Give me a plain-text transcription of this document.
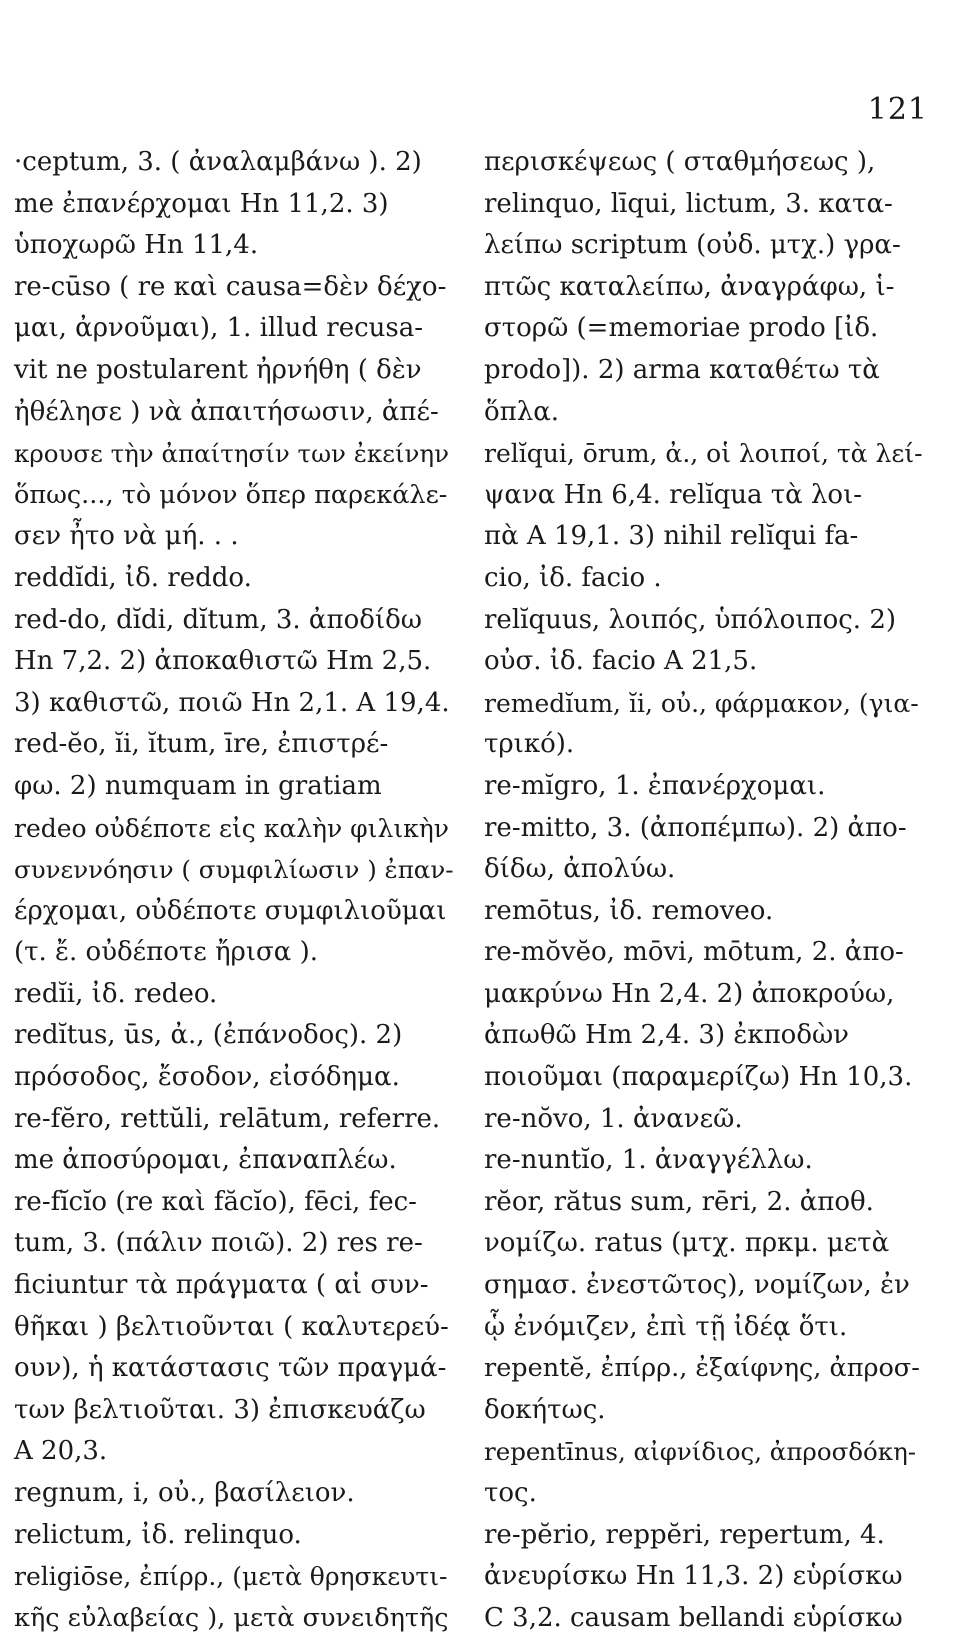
121
·ceptum, 3. ( ἀναλαμβάνω ). 2)
me ἐπανέρχομαι Hn 11,2. 3)
ὑποχωρῶ Hn 11,4.
re-cūso ( re καὶ causa=δὲν δέχο-
μαι, ἀρνοῦμαι), 1. illud recusa-
vit ne postularent ἠρνήθη ( δὲν
ἠθέλησε ) νὰ ἀπαιτήσωσιν, ἀπέ-
κρουσε τὴν ἀπαίτησίν των ἐκείνην
ὅπως..., τὸ μόνον ὅπερ παρεκάλε-
σεν ἦτο νὰ μή. . .
reddĭdi, ἰδ. reddo.
red-do, dĭdi, dĭtum, 3. ἀποδίδω
Hn 7,2. 2) ἀποκαθιστῶ Hm 2,5.
3) καθιστῶ, ποιῶ Hn 2,1. A 19,4.
red-ĕo, ĭi, ĭtum, īre, ἐπιστρέ-
φω. 2) numquam in gratiam
redeo οὐδέποτε εἰς καλὴν φιλικὴν
συνεννόησιν ( συμφιλίωσιν ) ἐπαν-
έρχομαι, οὐδέποτε συμφιλιοῦμαι
(τ. ἔ. οὐδέποτε ἤρισα ).
redĭi, ἰδ. redeo.
redĭtus, ūs, ἀ., (ἐπάνοδος). 2)
πρόσοδος, ἔσοδον, εἰσόδημα.
re-fĕro, rettŭli, relātum, referre.
me ἀποσύρομαι, ἐπαναπλέω.
re-fĭcĭo (re καὶ făcĭo), fēci, fec-
tum, 3. (πάλιν ποιῶ). 2) res re-
ficiuntur τὰ πράγματα ( αἱ συν-
θῆκαι ) βελτιοῦνται ( καλυτερεύ-
ουν), ἡ κατάστασις τῶν πραγμά-
των βελτιοῦται. 3) ἐπισκευάζω
A 20,3.
regnum, i, οὐ., βασίλειον.
relictum, ἰδ. relinquo.
religiōse, ἐπίρρ., (μετὰ θρησκευτι-
κῆς εὐλαβείας ), μετὰ συνειδητῆς
περισκέψεως ( σταθμήσεως ),
relinquo, līqui, lictum, 3. κατα-
λείπω scriptum (οὐδ. μτχ.) γρα-
πτῶς καταλείπω, ἀναγράφω, ἱ-
στορῶ (=memoriae prodo [ἰδ.
prodo]). 2) arma καταθέτω τὰ
ὅπλα.
relĭqui, ōrum, ἀ., οἱ λοιποί, τὰ λεί-
ψανα Hn 6,4. relĭqua τὰ λοι-
πὰ A 19,1. 3) nihil relĭqui fa-
cio, ἰδ. facio .
relĭquus, λοιπός, ὑπόλοιπος. 2)
οὐσ. ἰδ. facio A 21,5.
remedĭum, ĭi, οὐ., φάρμακον, (για-
τρικό).
re-mĭgro, 1. ἐπανέρχομαι.
re-mitto, 3. (ἀποπέμπω). 2) ἀπο-
δίδω, ἀπολύω.
remōtus, ἰδ. removeo.
re-mŏvĕo, mōvi, mōtum, 2. ἀπο-
μακρύνω Hn 2,4. 2) ἀποκρούω,
ἀπωθῶ Hm 2,4. 3) ἐκποδὼν
ποιοῦμαι (παραμερίζω) Hn 10,3.
re-nŏvo, 1. ἀνανεῶ.
re-nuntĭo, 1. ἀναγγέλλω.
rĕor, rătus sum, rēri, 2. ἀποθ.
νομίζω. ratus (μτχ. πρκμ. μετὰ
σημασ. ἐνεστῶτος), νομίζων, ἐν
ᾧ ἐνόμιζεν, ἐπὶ τῇ ἰδέᾳ ὅτι.
repentĕ, ἐπίρρ., ἐξαίφνης, ἀπροσ-
δοκήτως.
repentīnus, αἰφνίδιος, ἀπροσδόκη-
τος.
re-pĕrio, reppĕri, repertum, 4.
ἀνευρίσκω Hn 11,3. 2) εὑρίσκω
C 3,2. causam bellandi εὑρίσκω
